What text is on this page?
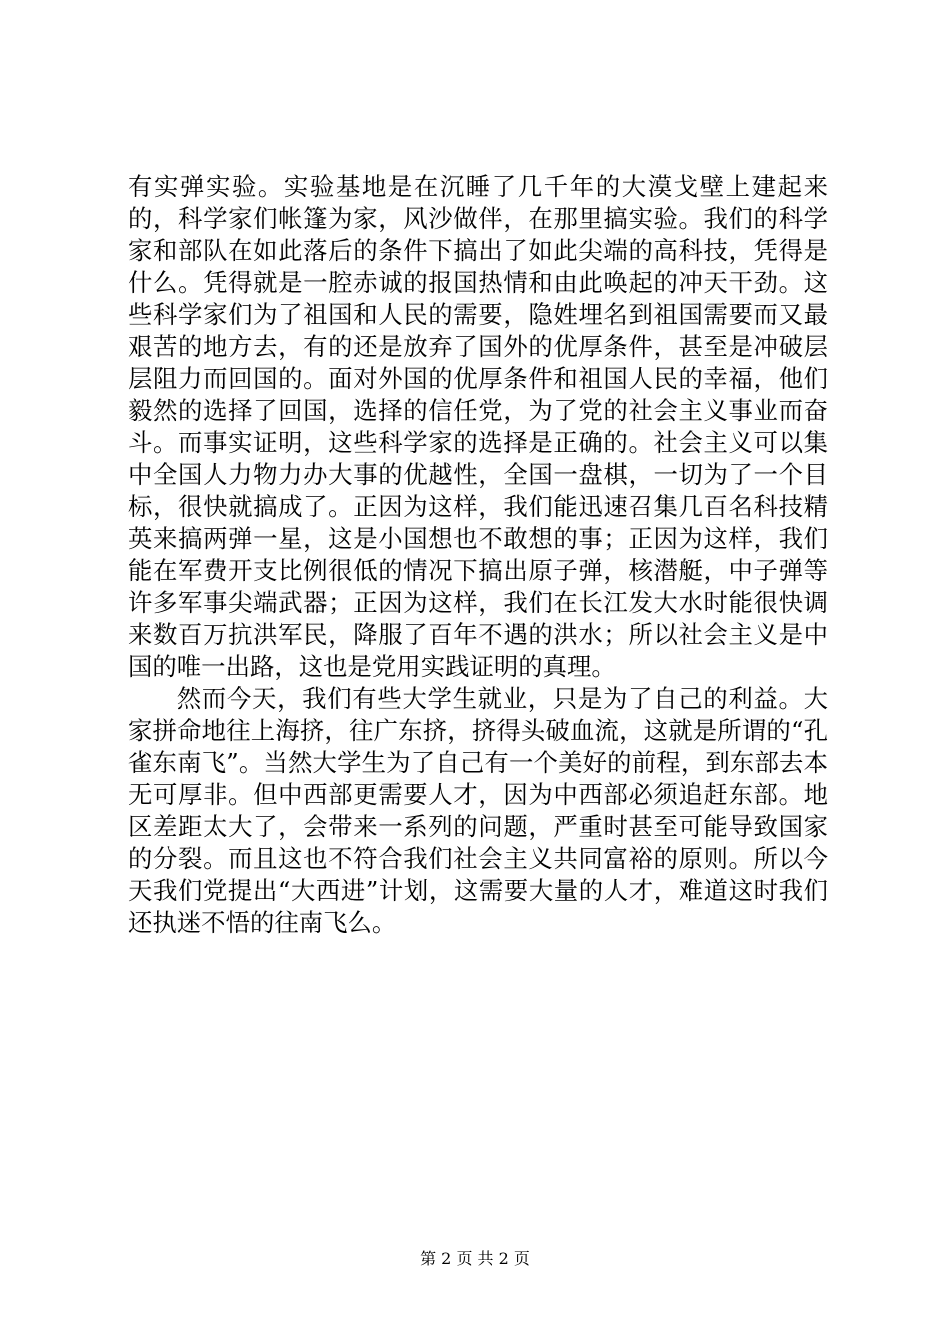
有实弹实验。实验基地是在沉睡了几千年的大漠戈壁上建起来的，科学家们帐篷为家，风沙做伴，在那里搞实验。我们的科学家和部队在如此落后的条件下搞出了如此尖端的高科技，凭得是什么。凭得就是一腔赤诚的报国热情和由此唤起的冲天干劲。这些科学家们为了祖国和人民的需要，隐姓埋名到祖国需要而又最艰苦的地方去，有的还是放弃了国外的优厚条件，甚至是冲破层层阻力而回国的。面对外国的优厚条件和祖国人民的幸福，他们毅然的选择了回国，选择的信任党，为了党的社会主义事业而奋斗。而事实证明，这些科学家的选择是正确的。社会主义可以集中全国人力物力办大事的优越性，全国一盘棋，一切为了一个目标，很快就搞成了。正因为这样，我们能迅速召集几百名科技精英来搞两弹一星，这是小国想也不敢想的事；正因为这样，我们能在军费开支比例很低的情况下搞出原子弹，核潜艇，中子弹等许多军事尖端武器；正因为这样，我们在长江发大水时能很快调来数百万抗洪军民，降服了百年不遇的洪水；所以社会主义是中国的唯一出路，这也是党用实践证明的真理。

然而今天，我们有些大学生就业，只是为了自己的利益。大家拼命地往上海挤，往广东挤，挤得头破血流，这就是所谓的“孔雀东南飞”。当然大学生为了自己有一个美好的前程，到东部去本无可厚非。但中西部更需要人才，因为中西部必须追赶东部。地区差距太大了，会带来一系列的问题，严重时甚至可能导致国家的分裂。而且这也不符合我们社会主义共同富裕的原则。所以今天我们党提出“大西进”计划，这需要大量的人才，难道这时我们还执迷不悟的往南飞么。

第 2 页 共 2 页
